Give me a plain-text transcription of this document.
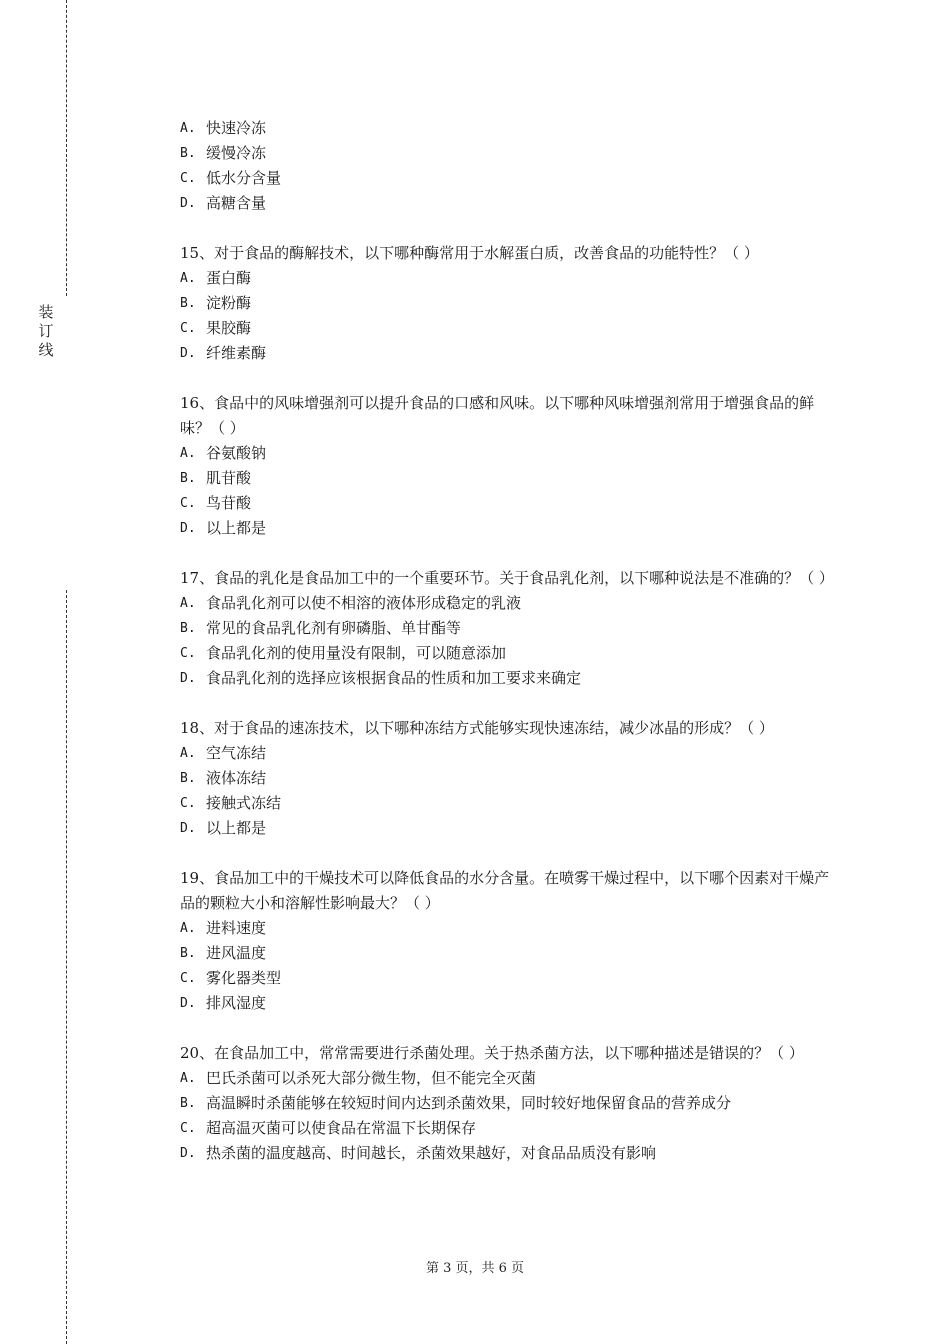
装
订
线
A. 快速冷冻
B. 缓慢冷冻
C. 低水分含量
D. 高糖含量
15、对于食品的酶解技术，以下哪种酶常用于水解蛋白质，改善食品的功能特性？（ ）
A. 蛋白酶
B. 淀粉酶
C. 果胶酶
D. 纤维素酶
16、食品中的风味增强剂可以提升食品的口感和风味。以下哪种风味增强剂常用于增强食品的鲜味？（ ）
A. 谷氨酸钠
B. 肌苷酸
C. 鸟苷酸
D. 以上都是
17、食品的乳化是食品加工中的一个重要环节。关于食品乳化剂，以下哪种说法是不准确的？（ ）
A. 食品乳化剂可以使不相溶的液体形成稳定的乳液
B. 常见的食品乳化剂有卵磷脂、单甘酯等
C. 食品乳化剂的使用量没有限制，可以随意添加
D. 食品乳化剂的选择应该根据食品的性质和加工要求来确定
18、对于食品的速冻技术，以下哪种冻结方式能够实现快速冻结，减少冰晶的形成？（ ）
A. 空气冻结
B. 液体冻结
C. 接触式冻结
D. 以上都是
19、食品加工中的干燥技术可以降低食品的水分含量。在喷雾干燥过程中，以下哪个因素对干燥产品的颗粒大小和溶解性影响最大？（ ）
A. 进料速度
B. 进风温度
C. 雾化器类型
D. 排风湿度
20、在食品加工中，常常需要进行杀菌处理。关于热杀菌方法，以下哪种描述是错误的？（ ）
A. 巴氏杀菌可以杀死大部分微生物，但不能完全灭菌
B. 高温瞬时杀菌能够在较短时间内达到杀菌效果，同时较好地保留食品的营养成分
C. 超高温灭菌可以使食品在常温下长期保存
D. 热杀菌的温度越高、时间越长，杀菌效果越好，对食品品质没有影响
第 3 页，共 6 页
